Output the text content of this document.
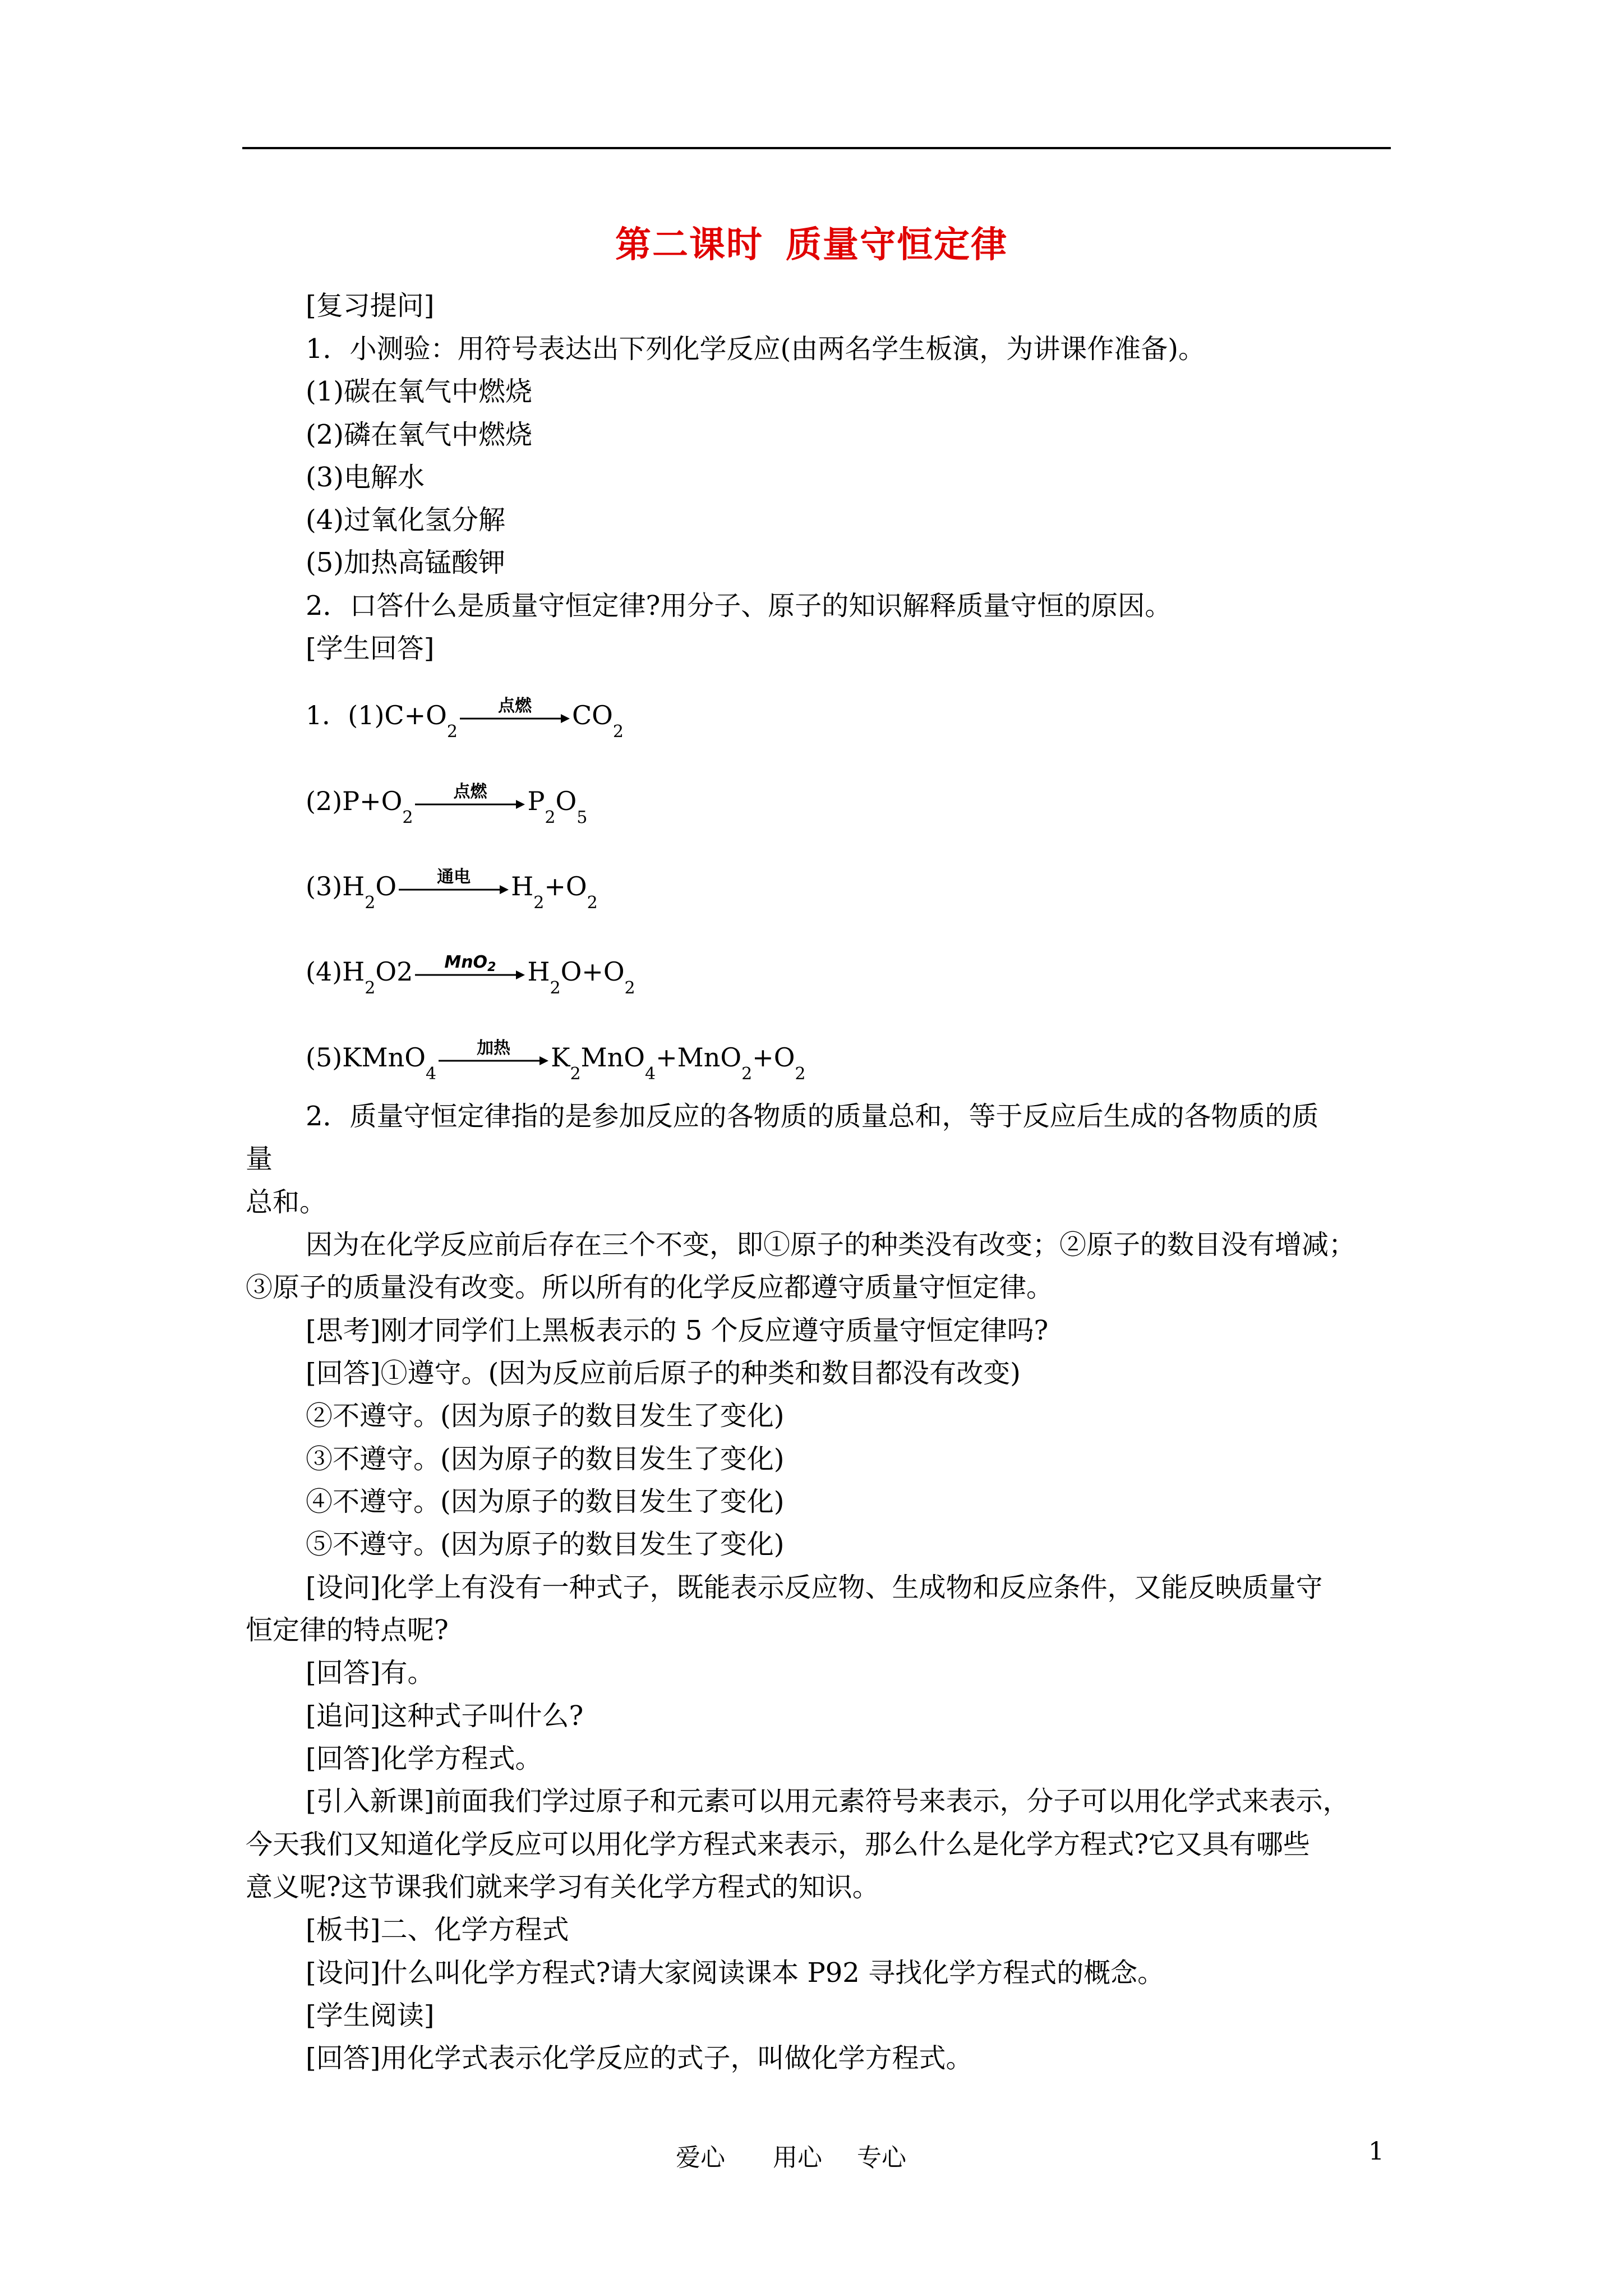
第二课时 质量守恒定律
[复习提问]
1．小测验：用符号表达出下列化学反应(由两名学生板演，为讲课作准备)。
(1)碳在氧气中燃烧
(2)磷在氧气中燃烧
(3)电解水
(4)过氧化氢分解
(5)加热高锰酸钾
2．口答什么是质量守恒定律?用分子、原子的知识解释质量守恒的原因。
[学生回答]
1．(1)C+O
2
点燃	CO
2
(2)P+O
2
点燃	P
2
O
5
(3)H
2
O	通电	H
2
+O
2
(4)H
2
O2	MnO$_2$	H
2
O+O
2
(5)KMnO
4
加热	K
2
MnO
4
+MnO
2
+O
2
2．质量守恒定律指的是参加反应的各物质的质量总和，等于反应后生成的各物质的质
量
总和。
因为在化学反应前后存在三个不变，即①原子的种类没有改变；②原子的数目没有增减；
③原子的质量没有改变。所以所有的化学反应都遵守质量守恒定律。
[思考]刚才同学们上黑板表示的 5 个反应遵守质量守恒定律吗?
[回答]①遵守。(因为反应前后原子的种类和数目都没有改变)
②不遵守。(因为原子的数目发生了变化)
③不遵守。(因为原子的数目发生了变化)
④不遵守。(因为原子的数目发生了变化)
⑤不遵守。(因为原子的数目发生了变化)
[设问]化学上有没有一种式子，既能表示反应物、生成物和反应条件，又能反映质量守
恒定律的特点呢?
[回答]有。
[追问]这种式子叫什么?
[回答]化学方程式。
[引入新课]前面我们学过原子和元素可以用元素符号来表示，分子可以用化学式来表示，
今天我们又知道化学反应可以用化学方程式来表示，那么什么是化学方程式?它又具有哪些
意义呢?这节课我们就来学习有关化学方程式的知识。
[板书]二、化学方程式
[设问]什么叫化学方程式?请大家阅读课本 P92 寻找化学方程式的概念。
[学生阅读]
[回答]用化学式表示化学反应的式子，叫做化学方程式。
爱心 用心 专心	1
